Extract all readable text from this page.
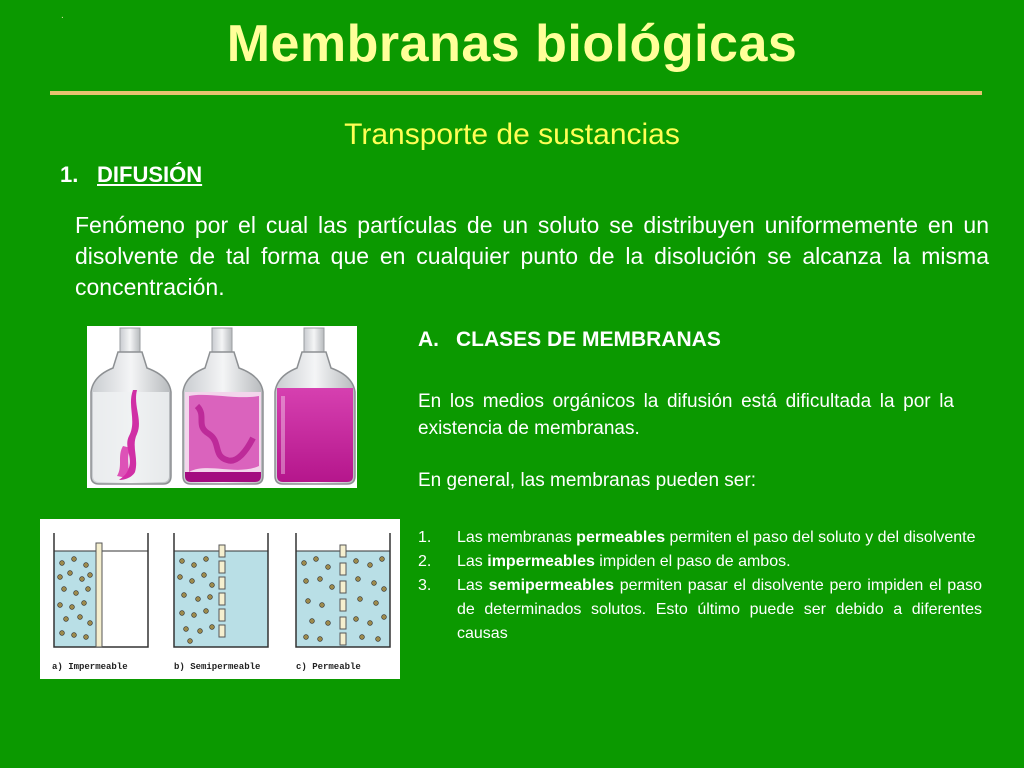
.	Membranas biológicas
Transporte de sustancias
1. DIFUSIÓN
Fenómeno por el cual las partículas de un soluto se distribuyen uniformemente en un disolvente de tal forma que en cualquier punto de la disolución se alcanza la misma concentración.
a) Impermeable	b) Semipermeable	c) Permeable
A. CLASES DE MEMBRANAS
En los medios orgánicos la difusión está dificultada la por la existencia de membranas.
En general, las membranas pueden ser:
1. Las membranas permeables permiten el paso del soluto y del disolvente
2. Las impermeables impiden el paso de ambos.
3. Las semipermeables permiten pasar el disolvente pero impiden el paso de determinados solutos. Esto último puede ser debido a diferentes causas
